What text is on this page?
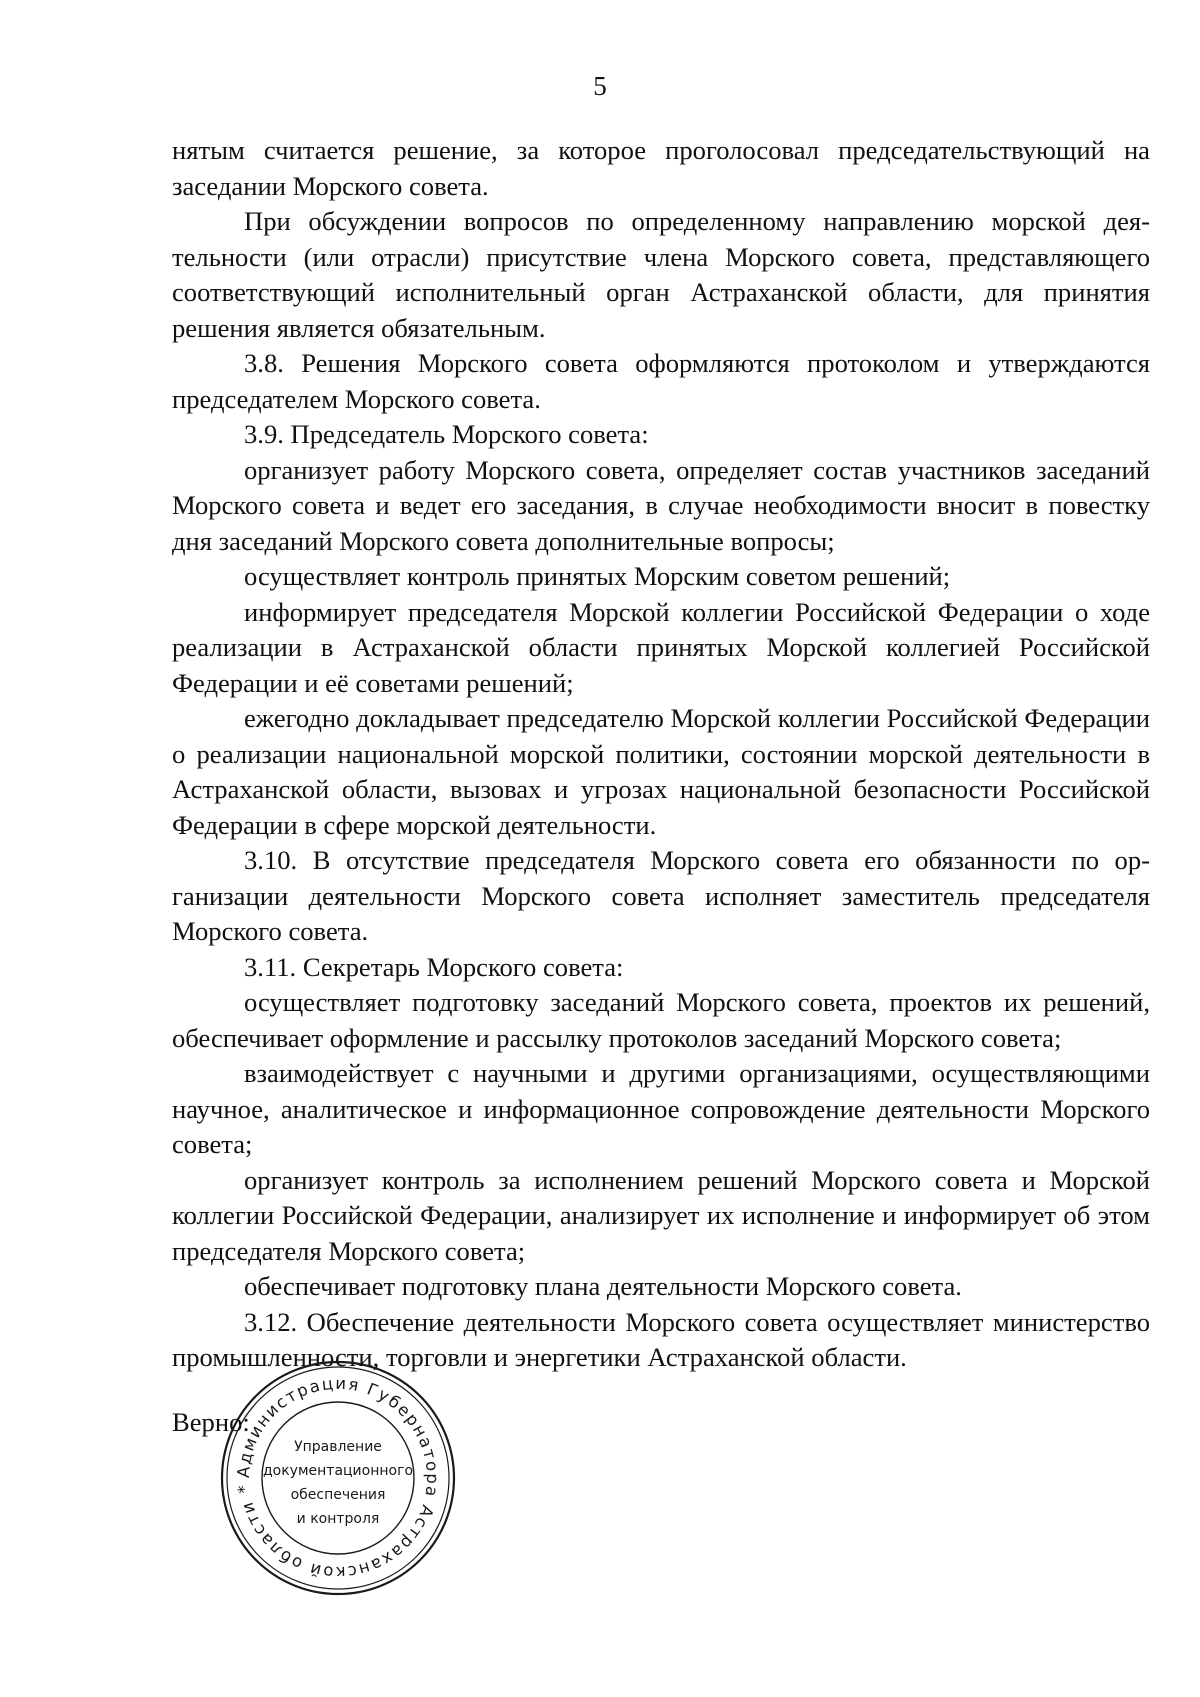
5

нятым считается решение, за которое проголосовал председательствующий на заседании Морского совета.

При обсуждении вопросов по определенному направлению морской деятельности (или отрасли) присутствие члена Морского совета, представляющего соответствующий исполнительный орган Астраханской области, для принятия решения является обязательным.

3.8. Решения Морского совета оформляются протоколом и утверждаются председателем Морского совета.

3.9. Председатель Морского совета:

организует работу Морского совета, определяет состав участников заседаний Морского совета и ведет его заседания, в случае необходимости вносит в повестку дня заседаний Морского совета дополнительные вопросы;

осуществляет контроль принятых Морским советом решений;

информирует председателя Морской коллегии Российской Федерации о ходе реализации в Астраханской области принятых Морской коллегией Российской Федерации и её советами решений;

ежегодно докладывает председателю Морской коллегии Российской Федерации о реализации национальной морской политики, состоянии морской деятельности в Астраханской области, вызовах и угрозах национальной безопасности Российской Федерации в сфере морской деятельности.

3.10. В отсутствие председателя Морского совета его обязанности по организации деятельности Морского совета исполняет заместитель председателя Морского совета.

3.11. Секретарь Морского совета:

осуществляет подготовку заседаний Морского совета, проектов их решений, обеспечивает оформление и рассылку протоколов заседаний Морского совета;

взаимодействует с научными и другими организациями, осуществляющими научное, аналитическое и информационное сопровождение деятельности Морского совета;

организует контроль за исполнением решений Морского совета и Морской коллегии Российской Федерации, анализирует их исполнение и информирует об этом председателя Морского совета;

обеспечивает подготовку плана деятельности Морского совета.

3.12. Обеспечение деятельности Морского совета осуществляет министерство промышленности, торговли и энергетики Астраханской области.

Верно:
Администрация Губернатора Астраханской области *
Управление
документационного
обеспечения
и контроля
